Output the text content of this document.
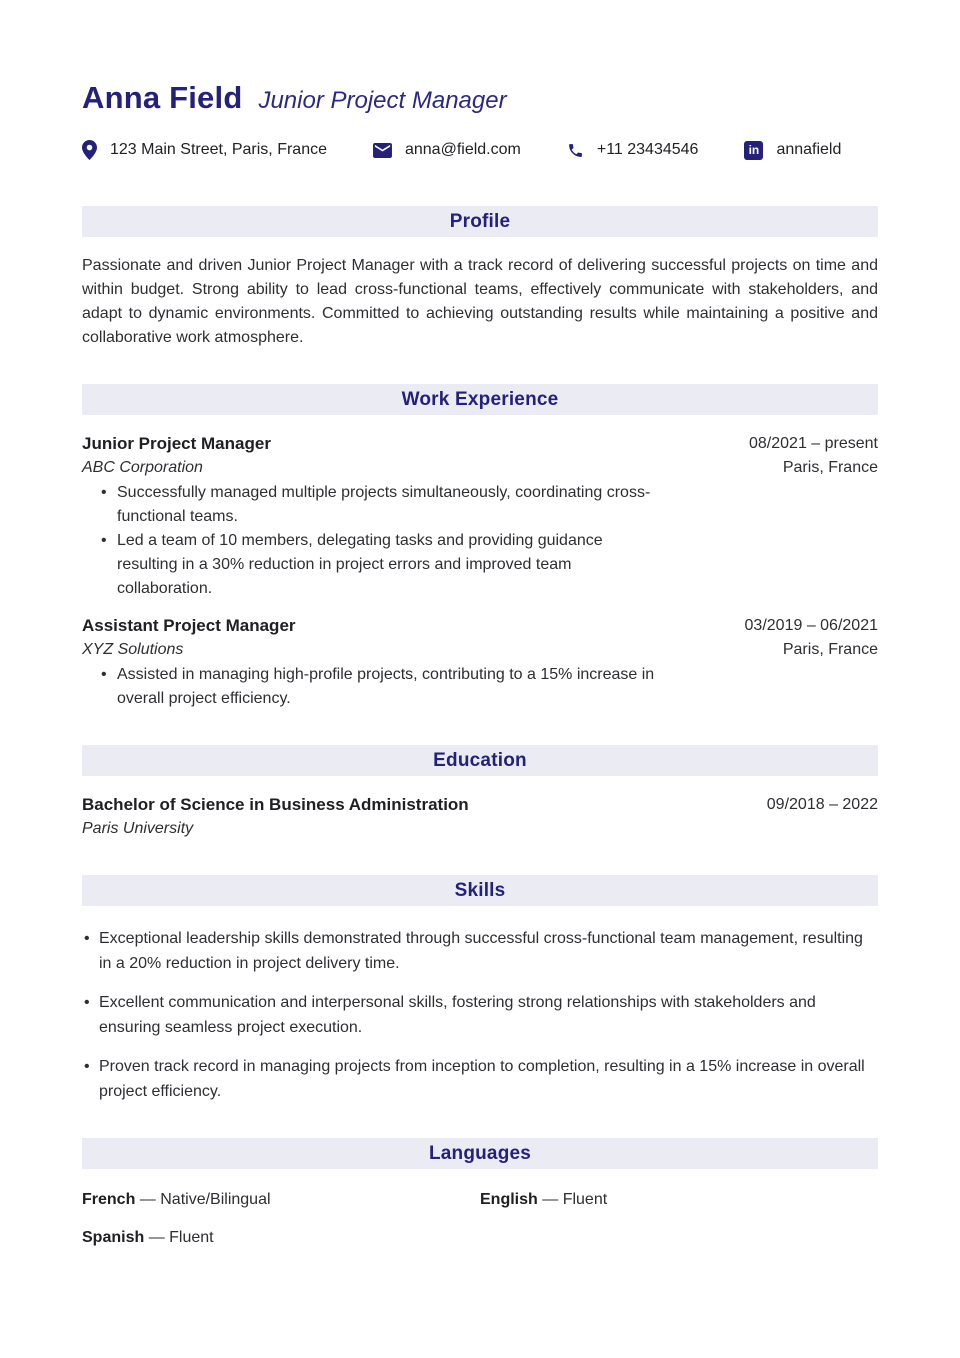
Anna Field Junior Project Manager
123 Main Street, Paris, France	anna@field.com	+11 23434546	in annafield
Profile

Passionate and driven Junior Project Manager with a track record of delivering successful projects on time and within budget. Strong ability to lead cross-functional teams, effectively communicate with stakeholders, and adapt to dynamic environments. Committed to achieving outstanding results while maintaining a positive and collaborative work atmosphere.

Work Experience
Junior Project Manager
ABC Corporation
08/2021 – present
Paris, France
• Successfully managed multiple projects simultaneously, coordinating cross-functional teams.
• Led a team of 10 members, delegating tasks and providing guidance resulting in a 30% reduction in project errors and improved team collaboration.
Assistant Project Manager
XYZ Solutions
03/2019 – 06/2021
Paris, France
• Assisted in managing high-profile projects, contributing to a 15% increase in overall project efficiency.
Education
Bachelor of Science in Business Administration
Paris University
09/2018 – 2022
Skills
• Exceptional leadership skills demonstrated through successful cross-functional team management, resulting in a 20% reduction in project delivery time.
• Excellent communication and interpersonal skills, fostering strong relationships with stakeholders and ensuring seamless project execution.
• Proven track record in managing projects from inception to completion, resulting in a 15% increase in overall project efficiency.
Languages
French — Native/Bilingual	English — Fluent
Spanish — Fluent
